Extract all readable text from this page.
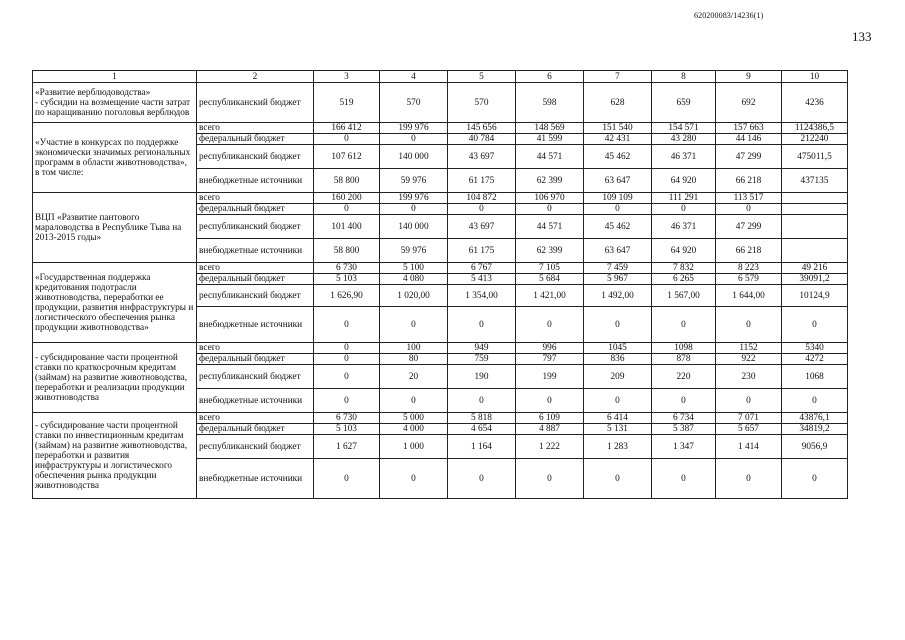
620200083/14236(1)
133
1	2	3	4	5	6	7	8	9	10
«Развитие верблюдоводства»
- субсидии на возмещение части затрат по наращиванию поголовья верблюдов	республиканский бюджет	519	570	570	598	628	659	692	4236
«Участие в конкурсах по поддержке экономически значимых региональных программ в области животноводства»,
в том числе:	всего	166 412	199 976	145 656	148 569	151 540	154 571	157 663	1124386,5
	федеральный бюджет	0	0	40 784	41 599	42 431	43 280	44 146	212240
	республиканский бюджет	107 612	140 000	43 697	44 571	45 462	46 371	47 299	475011,5
	внебюджетные источники	58 800	59 976	61 175	62 399	63 647	64 920	66 218	437135
ВЦП «Развитие пантового мараловодства в Республике Тыва на 2013-2015 годы»	всего	160 200	199 976	104 872	106 970	109 109	111 291	113 517	
	федеральный бюджет	0	0	0	0	0	0	0	
	республиканский бюджет	101 400	140 000	43 697	44 571	45 462	46 371	47 299	
	внебюджетные источники	58 800	59 976	61 175	62 399	63 647	64 920	66 218	
«Государственная поддержка кредитования подотрасли животноводства, переработки ее продукции, развития инфраструктуры и логистического обеспечения рынка продукции животноводства»	всего	6 730	5 100	6 767	7 105	7 459	7 832	8 223	49 216
	федеральный бюджет	5 103	4 080	5 413	5 684	5 967	6 265	6 579	39091,2
	республиканский бюджет	1 626,90	1 020,00	1 354,00	1 421,00	1 492,00	1 567,00	1 644,00	10124,9
	внебюджетные источники	0	0	0	0	0	0	0	0
- субсидирование части процентной ставки по краткосрочным кредитам (займам) на развитие животноводства, переработки и реализации продукции животноводства	всего	0	100	949	996	1045	1098	1152	5340
	федеральный бюджет	0	80	759	797	836	878	922	4272
	республиканский бюджет	0	20	190	199	209	220	230	1068
	внебюджетные источники	0	0	0	0	0	0	0	0
- субсидирование части процентной ставки по инвестиционным кредитам (займам) на развитие животноводства, переработки и развития инфраструктуры и логистического обеспечения рынка продукции животноводства	всего	6 730	5 000	5 818	6 109	6 414	6 734	7 071	43876,1
	федеральный бюджет	5 103	4 000	4 654	4 887	5 131	5 387	5 657	34819,2
	республиканский бюджет	1 627	1 000	1 164	1 222	1 283	1 347	1 414	9056,9
	внебюджетные источники	0	0	0	0	0	0	0	0
